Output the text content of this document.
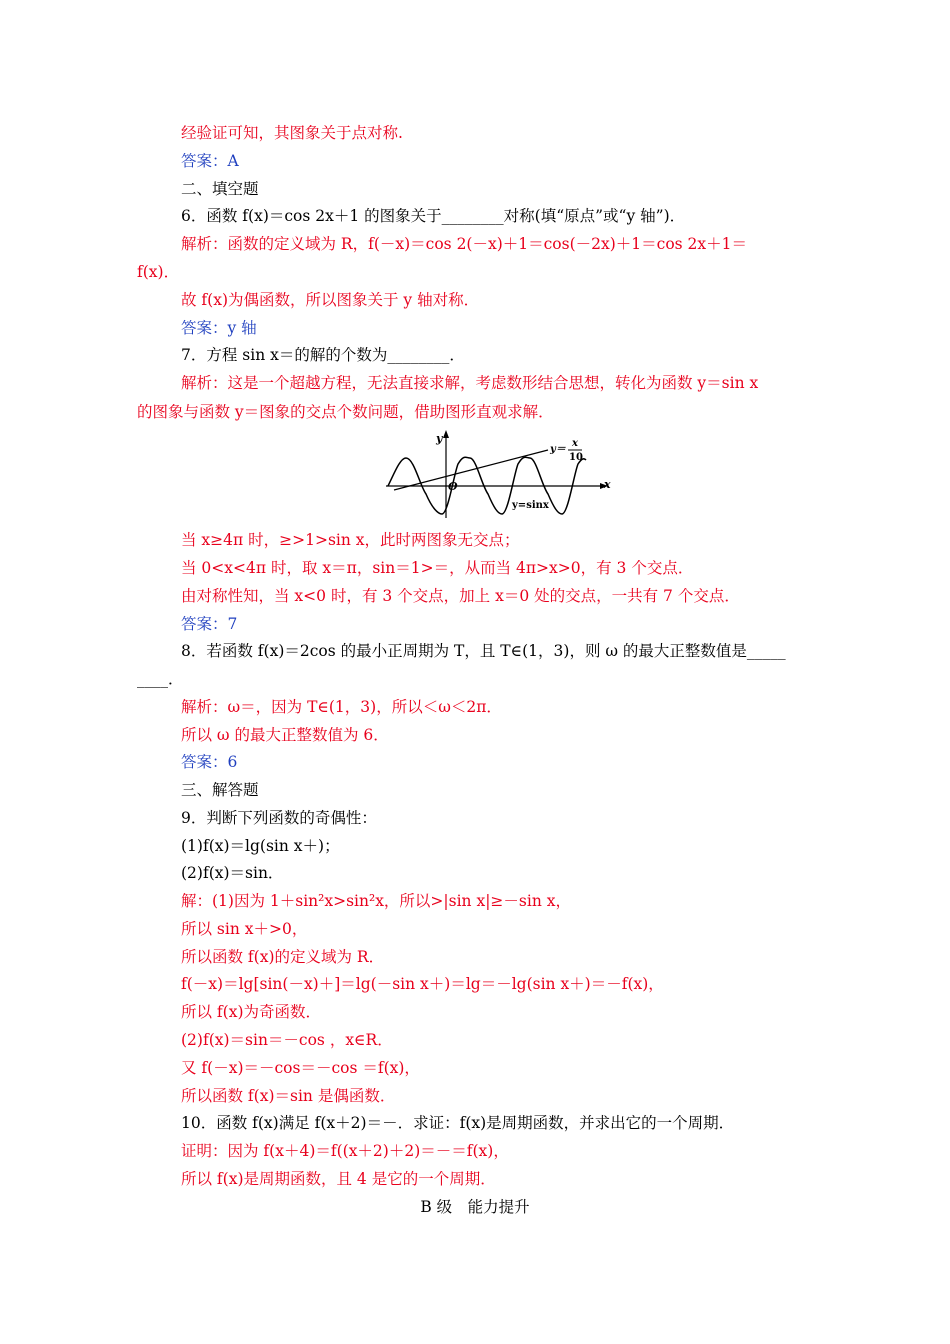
经验证可知，其图象关于点对称.
答案：A
二、填空题
6．函数 f(x)＝cos 2x＋1 的图象关于________对称(填“原点”或“y 轴”)．
解析：函数的定义域为 R，f(－x)＝cos 2(－x)＋1＝cos(－2x)＋1＝cos 2x＋1＝
f(x)．
故 f(x)为偶函数，所以图象关于 y 轴对称．
答案：y 轴
7．方程 sin x＝的解的个数为________．
解析：这是一个超越方程，无法直接求解，考虑数形结合思想，转化为函数 y＝sin x
的图象与函数 y＝图象的交点个数问题，借助图形直观求解．
y
x
O
y＝
x
10
y=sinx
当 x≥4π 时，≥>1>sin x，此时两图象无交点；
当 0<x<4π 时，取 x＝π，sin＝1>＝，从而当 4π>x>0，有 3 个交点．
由对称性知，当 x<0 时，有 3 个交点，加上 x＝0 处的交点，一共有 7 个交点．
答案：7
8．若函数 f(x)＝2cos 的最小正周期为 T，且 T∈(1，3)，则 ω 的最大正整数值是_____
____．
解析：ω＝，因为 T∈(1，3)，所以＜ω＜2π．
所以 ω 的最大正整数值为 6．
答案：6
三、解答题
9．判断下列函数的奇偶性：
(1)f(x)＝lg(sin x＋)；
(2)f(x)＝sin．
解：(1)因为 1＋sin²x>sin²x，所以>|sin x|≥－sin x，
所以 sin x＋>0，
所以函数 f(x)的定义域为 R．
f(－x)＝lg[sin(－x)＋]＝lg(－sin x＋)＝lg＝－lg(sin x＋)＝－f(x)，
所以 f(x)为奇函数．
(2)f(x)＝sin＝－cos ，x∈R．
又 f(－x)＝－cos＝－cos ＝f(x)，
所以函数 f(x)＝sin 是偶函数．
10．函数 f(x)满足 f(x＋2)＝－．求证：f(x)是周期函数，并求出它的一个周期．
证明：因为 f(x＋4)＝f((x＋2)＋2)＝－＝f(x)，
所以 f(x)是周期函数，且 4 是它的一个周期．
B 级　能力提升
